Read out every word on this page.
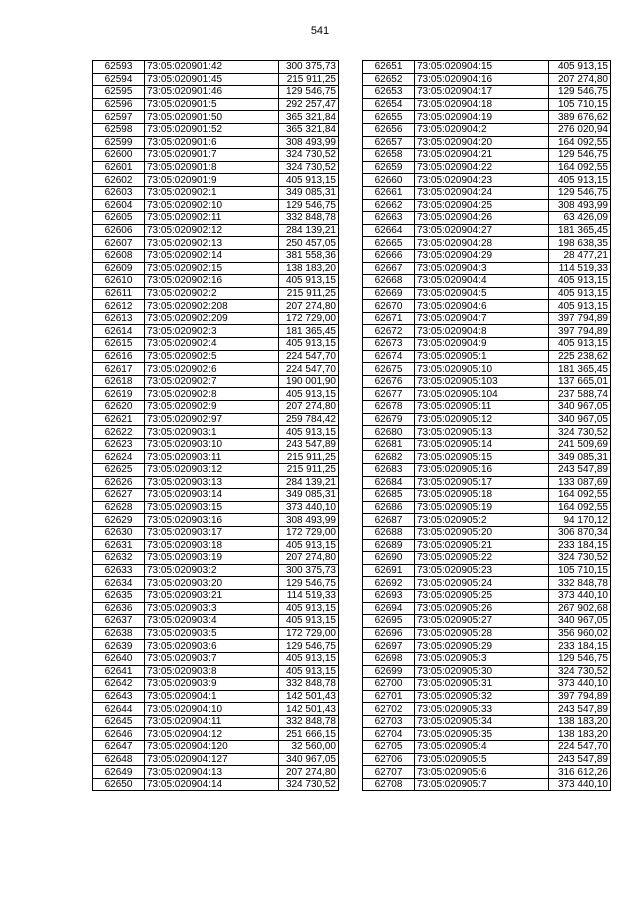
541
62593	73:05:020901:42	300 375,73
62594	73:05:020901:45	215 911,25
62595	73:05:020901:46	129 546,75
62596	73:05:020901:5	292 257,47
62597	73:05:020901:50	365 321,84
62598	73:05:020901:52	365 321,84
62599	73:05:020901:6	308 493,99
62600	73:05:020901:7	324 730,52
62601	73:05:020901:8	324 730,52
62602	73:05:020901:9	405 913,15
62603	73:05:020902:1	349 085,31
62604	73:05:020902:10	129 546,75
62605	73:05:020902:11	332 848,78
62606	73:05:020902:12	284 139,21
62607	73:05:020902:13	250 457,05
62608	73:05:020902:14	381 558,36
62609	73:05:020902:15	138 183,20
62610	73:05:020902:16	405 913,15
62611	73:05:020902:2	215 911,25
62612	73:05:020902:208	207 274,80
62613	73:05:020902:209	172 729,00
62614	73:05:020902:3	181 365,45
62615	73:05:020902:4	405 913,15
62616	73:05:020902:5	224 547,70
62617	73:05:020902:6	224 547,70
62618	73:05:020902:7	190 001,90
62619	73:05:020902:8	405 913,15
62620	73:05:020902:9	207 274,80
62621	73:05:020902:97	259 784,42
62622	73:05:020903:1	405 913,15
62623	73:05:020903:10	243 547,89
62624	73:05:020903:11	215 911,25
62625	73:05:020903:12	215 911,25
62626	73:05:020903:13	284 139,21
62627	73:05:020903:14	349 085,31
62628	73:05:020903:15	373 440,10
62629	73:05:020903:16	308 493,99
62630	73:05:020903:17	172 729,00
62631	73:05:020903:18	405 913,15
62632	73:05:020903:19	207 274,80
62633	73:05:020903:2	300 375,73
62634	73:05:020903:20	129 546,75
62635	73:05:020903:21	114 519,33
62636	73:05:020903:3	405 913,15
62637	73:05:020903:4	405 913,15
62638	73:05:020903:5	172 729,00
62639	73:05:020903:6	129 546,75
62640	73:05:020903:7	405 913,15
62641	73:05:020903:8	405 913,15
62642	73:05:020903:9	332 848,78
62643	73:05:020904:1	142 501,43
62644	73:05:020904:10	142 501,43
62645	73:05:020904:11	332 848,78
62646	73:05:020904:12	251 666,15
62647	73:05:020904:120	32 560,00
62648	73:05:020904:127	340 967,05
62649	73:05:020904:13	207 274,80
62650	73:05:020904:14	324 730,52
62651	73:05:020904:15	405 913,15
62652	73:05:020904:16	207 274,80
62653	73:05:020904:17	129 546,75
62654	73:05:020904:18	105 710,15
62655	73:05:020904:19	389 676,62
62656	73:05:020904:2	276 020,94
62657	73:05:020904:20	164 092,55
62658	73:05:020904:21	129 546,75
62659	73:05:020904:22	164 092,55
62660	73:05:020904:23	405 913,15
62661	73:05:020904:24	129 546,75
62662	73:05:020904:25	308 493,99
62663	73:05:020904:26	63 426,09
62664	73:05:020904:27	181 365,45
62665	73:05:020904:28	198 638,35
62666	73:05:020904:29	28 477,21
62667	73:05:020904:3	114 519,33
62668	73:05:020904:4	405 913,15
62669	73:05:020904:5	405 913,15
62670	73:05:020904:6	405 913,15
62671	73:05:020904:7	397 794,89
62672	73:05:020904:8	397 794,89
62673	73:05:020904:9	405 913,15
62674	73:05:020905:1	225 238,62
62675	73:05:020905:10	181 365,45
62676	73:05:020905:103	137 665,01
62677	73:05:020905:104	237 588,74
62678	73:05:020905:11	340 967,05
62679	73:05:020905:12	340 967,05
62680	73:05:020905:13	324 730,52
62681	73:05:020905:14	241 509,69
62682	73:05:020905:15	349 085,31
62683	73:05:020905:16	243 547,89
62684	73:05:020905:17	133 087,69
62685	73:05:020905:18	164 092,55
62686	73:05:020905:19	164 092,55
62687	73:05:020905:2	94 170,12
62688	73:05:020905:20	306 870,34
62689	73:05:020905:21	233 184,15
62690	73:05:020905:22	324 730,52
62691	73:05:020905:23	105 710,15
62692	73:05:020905:24	332 848,78
62693	73:05:020905:25	373 440,10
62694	73:05:020905:26	267 902,68
62695	73:05:020905:27	340 967,05
62696	73:05:020905:28	356 960,02
62697	73:05:020905:29	233 184,15
62698	73:05:020905:3	129 546,75
62699	73:05:020905:30	324 730,52
62700	73:05:020905:31	373 440,10
62701	73:05:020905:32	397 794,89
62702	73:05:020905:33	243 547,89
62703	73:05:020905:34	138 183,20
62704	73:05:020905:35	138 183,20
62705	73:05:020905:4	224 547,70
62706	73:05:020905:5	243 547,89
62707	73:05:020905:6	316 612,26
62708	73:05:020905:7	373 440,10
